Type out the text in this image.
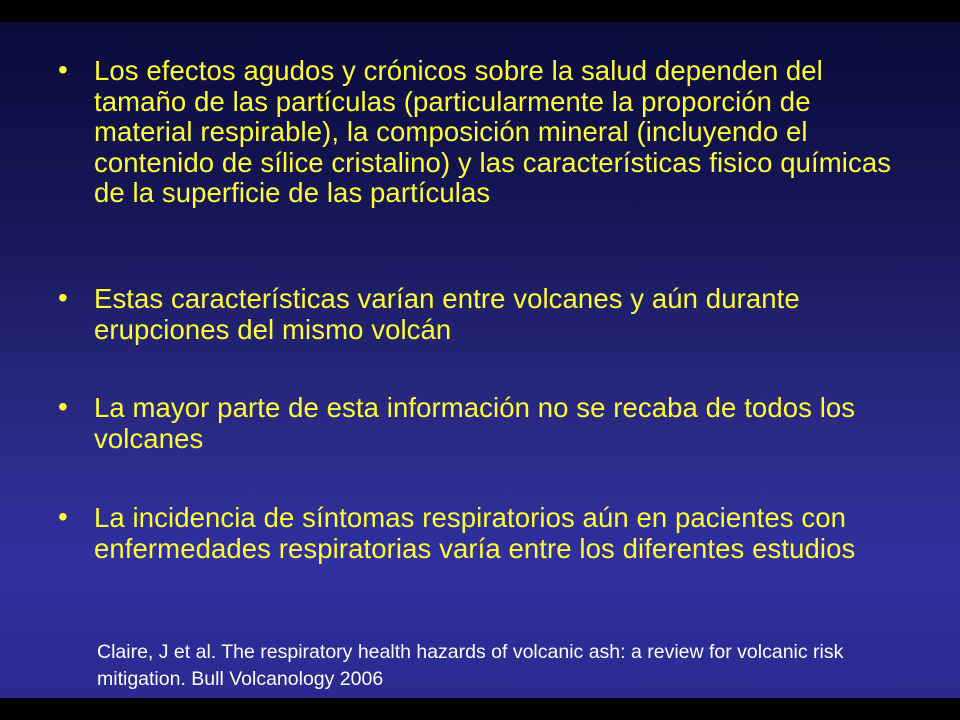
• Los efectos agudos y crónicos sobre la salud dependen del tamaño de las partículas (particularmente la proporción de material respirable), la composición mineral (incluyendo el contenido de sílice cristalino) y las características fisico químicas de la superficie de las partículas
• Estas características varían entre volcanes y aún durante erupciones del mismo volcán
• La mayor parte de esta información no se recaba de todos los volcanes
• La incidencia de síntomas respiratorios aún en pacientes con enfermedades respiratorias varía entre los diferentes estudios
Claire, J et al. The respiratory health hazards of volcanic ash: a review for volcanic risk mitigation. Bull Volcanology 2006
